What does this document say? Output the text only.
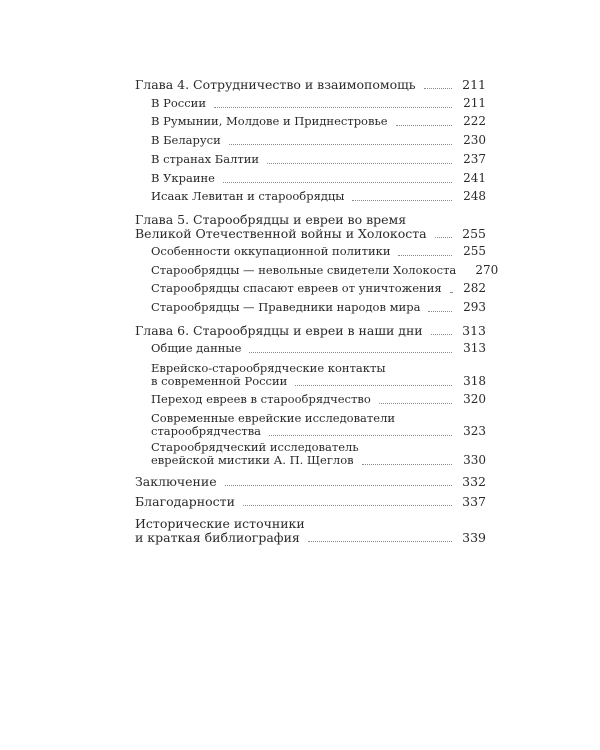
Глава 4. Сотрудничество и взаимопомощь	211
В России	211
В Румынии, Молдове и Приднестровье	222
В Беларуси	230
В странах Балтии	237
В Украине	241
Исаак Левитан и старообрядцы	248
Глава 5. Старообрядцы и евреи во время
Великой Отечественной войны и Холокоста	255
Особенности оккупационной политики	255
Старообрядцы — невольные свидетели Холокоста 270
Старообрядцы спасают евреев от уничтожения 282
Старообрядцы — Праведники народов мира	293
Глава 6. Старообрядцы и евреи в наши дни	313
Общие данные	313
Еврейско-старообрядческие контакты
в современной России	318
Переход евреев в старообрядчество	320
Современные еврейские исследователи
старообрядчества	323
Старообрядческий исследователь
еврейской мистики А. П. Щеглов	330
Заключение	332
Благодарности	337
Исторические источники
и краткая библиография	339
